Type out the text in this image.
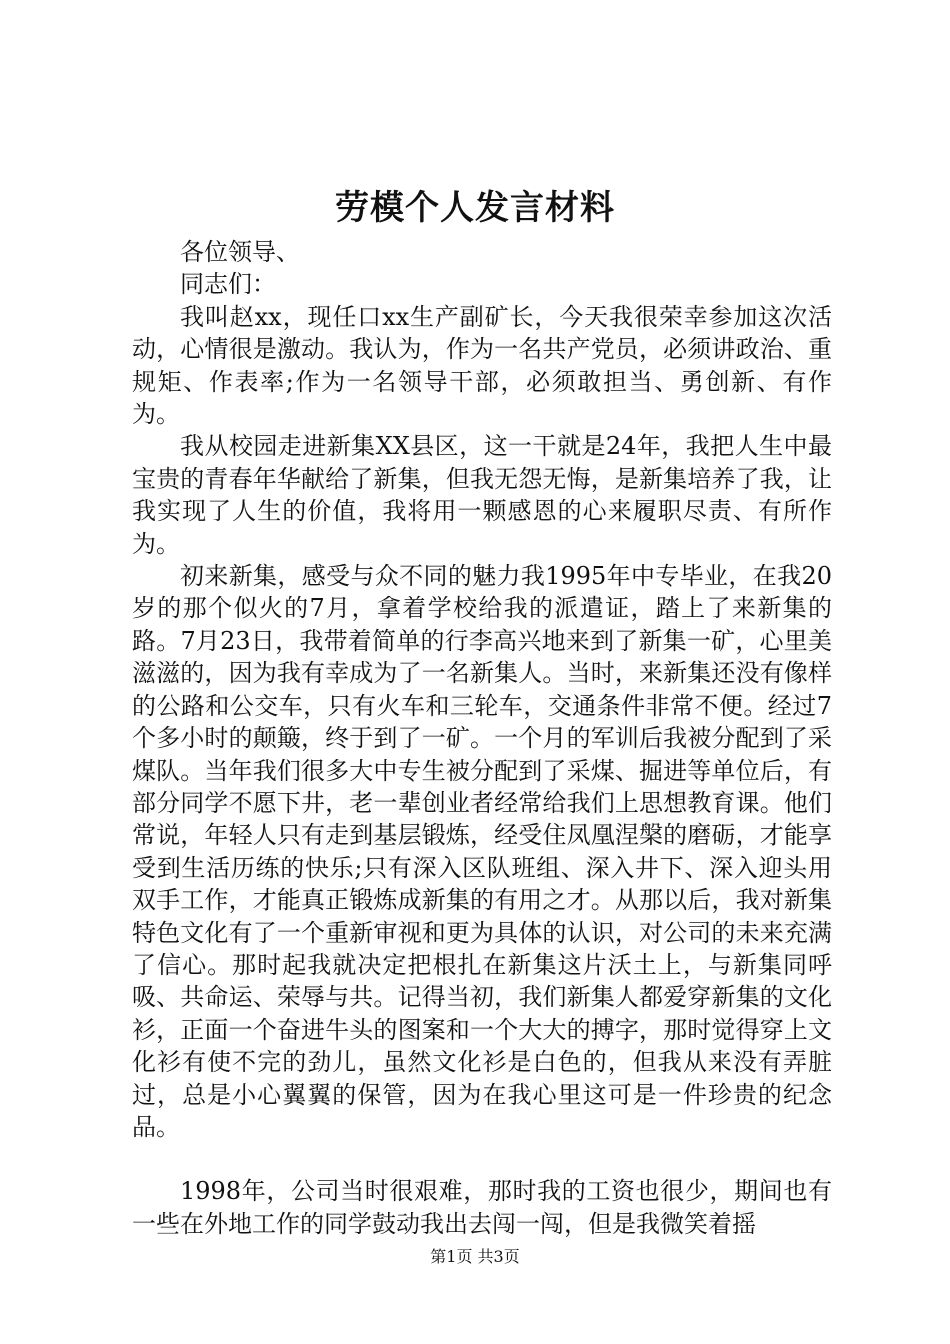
劳模个人发言材料

各位领导、

同志们：

我叫赵xx，现任口xx生产副矿长，今天我很荣幸参加这次活动，心情很是激动。我认为，作为一名共产党员，必须讲政治、重规矩、作表率;作为一名领导干部，必须敢担当、勇创新、有作为。

我从校园走进新集XX县区，这一干就是24年，我把人生中最宝贵的青春年华献给了新集，但我无怨无悔，是新集培养了我，让我实现了人生的价值，我将用一颗感恩的心来履职尽责、有所作为。

初来新集，感受与众不同的魅力我1995年中专毕业，在我20岁的那个似火的7月，拿着学校给我的派遣证，踏上了来新集的路。7月23日，我带着简单的行李高兴地来到了新集一矿，心里美滋滋的，因为我有幸成为了一名新集人。当时，来新集还没有像样的公路和公交车，只有火车和三轮车，交通条件非常不便。经过7个多小时的颠簸，终于到了一矿。一个月的军训后我被分配到了采煤队。当年我们很多大中专生被分配到了采煤、掘进等单位后，有部分同学不愿下井，老一辈创业者经常给我们上思想教育课。他们常说，年轻人只有走到基层锻炼，经受住凤凰涅槃的磨砺，才能享受到生活历练的快乐;只有深入区队班组、深入井下、深入迎头用双手工作，才能真正锻炼成新集的有用之才。从那以后，我对新集特色文化有了一个重新审视和更为具体的认识，对公司的未来充满了信心。那时起我就决定把根扎在新集这片沃土上，与新集同呼吸、共命运、荣辱与共。记得当初，我们新集人都爱穿新集的文化衫，正面一个奋进牛头的图案和一个大大的搏字，那时觉得穿上文化衫有使不完的劲儿，虽然文化衫是白色的，但我从来没有弄脏过，总是小心翼翼的保管，因为在我心里这可是一件珍贵的纪念品。

1998年，公司当时很艰难，那时我的工资也很少，期间也有一些在外地工作的同学鼓动我出去闯一闯，但是我微笑着摇

第1页 共3页
